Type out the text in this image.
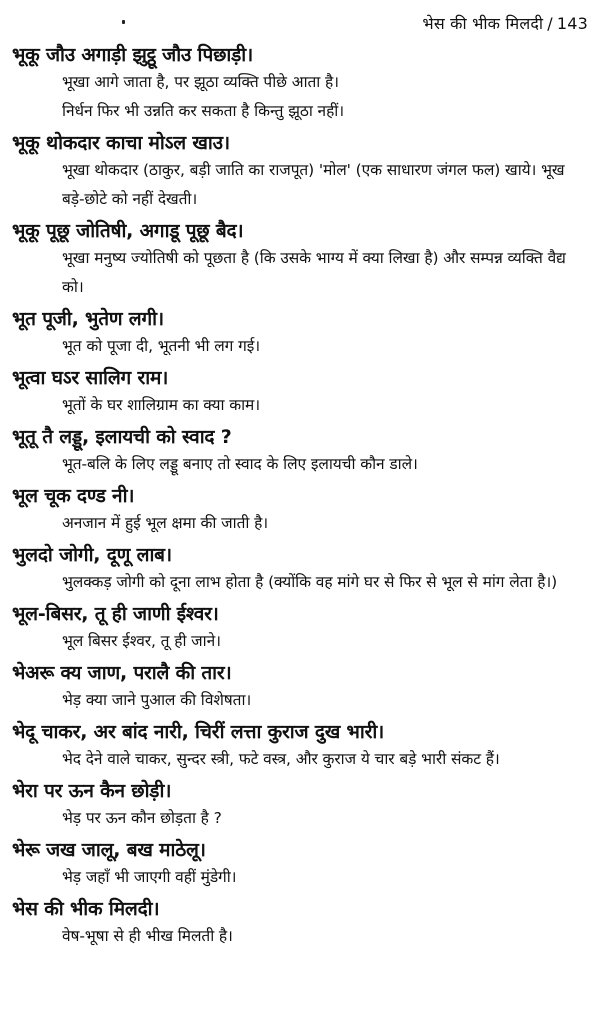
भेस की भीक मिलदी / 143
भूकू जौउ अगाड़ी झुट्ठू जौउ पिछाड़ी।
भूखा आगे जाता है, पर झूठा व्यक्ति पीछे आता है।
निर्धन फिर भी उन्नति कर सकता है किन्तु झूठा नहीं।
भूकू थोकदार काचा मोऽल खाउ।
भूखा थोकदार (ठाकुर, बड़ी जाति का राजपूत) 'मोल' (एक साधारण जंगल फल) खाये। भूख बड़े-छोटे को नहीं देखती।
भूकू पूछू जोतिषी, अगाडू पूछू बैद।
भूखा मनुष्य ज्योतिषी को पूछता है (कि उसके भाग्य में क्या लिखा है) और सम्पन्न व्यक्ति वैद्य को।
भूत पूजी, भुतेण लगी।
भूत को पूजा दी, भूतनी भी लग गई।
भूत्वा घऽर सालिग राम।
भूतों के घर शालिग्राम का क्या काम।
भूतू तै लड्डू, इलायची को स्वाद ?
भूत-बलि के लिए लड्डू बनाए तो स्वाद के लिए इलायची कौन डाले।
भूल चूक दण्ड नी।
अनजान में हुई भूल क्षमा की जाती है।
भुलदो जोगी, दूणू लाब।
भुलक्कड़ जोगी को दूना लाभ होता है (क्योंकि वह मांगे घर से फिर से भूल से मांग लेता है।)
भूल-बिसर, तू ही जाणी ईश्वर।
भूल बिसर ईश्वर, तू ही जाने।
भेअरू क्य जाण, परालै की तार।
भेड़ क्या जाने पुआल की विशेषता।
भेदू चाकर, अर बांद नारी, चिरीं लत्ता कुराज दुख भारी।
भेद देने वाले चाकर, सुन्दर स्त्री, फटे वस्त्र, और कुराज ये चार बड़े भारी संकट हैं।
भेरा पर ऊन कैन छोड़ी।
भेड़ पर ऊन कौन छोड़ता है ?
भेरू जख जालू, बख माठेलू।
भेड़ जहाँ भी जाएगी वहीं मुंडेगी।
भेस की भीक मिलदी।
वेष-भूषा से ही भीख मिलती है।
